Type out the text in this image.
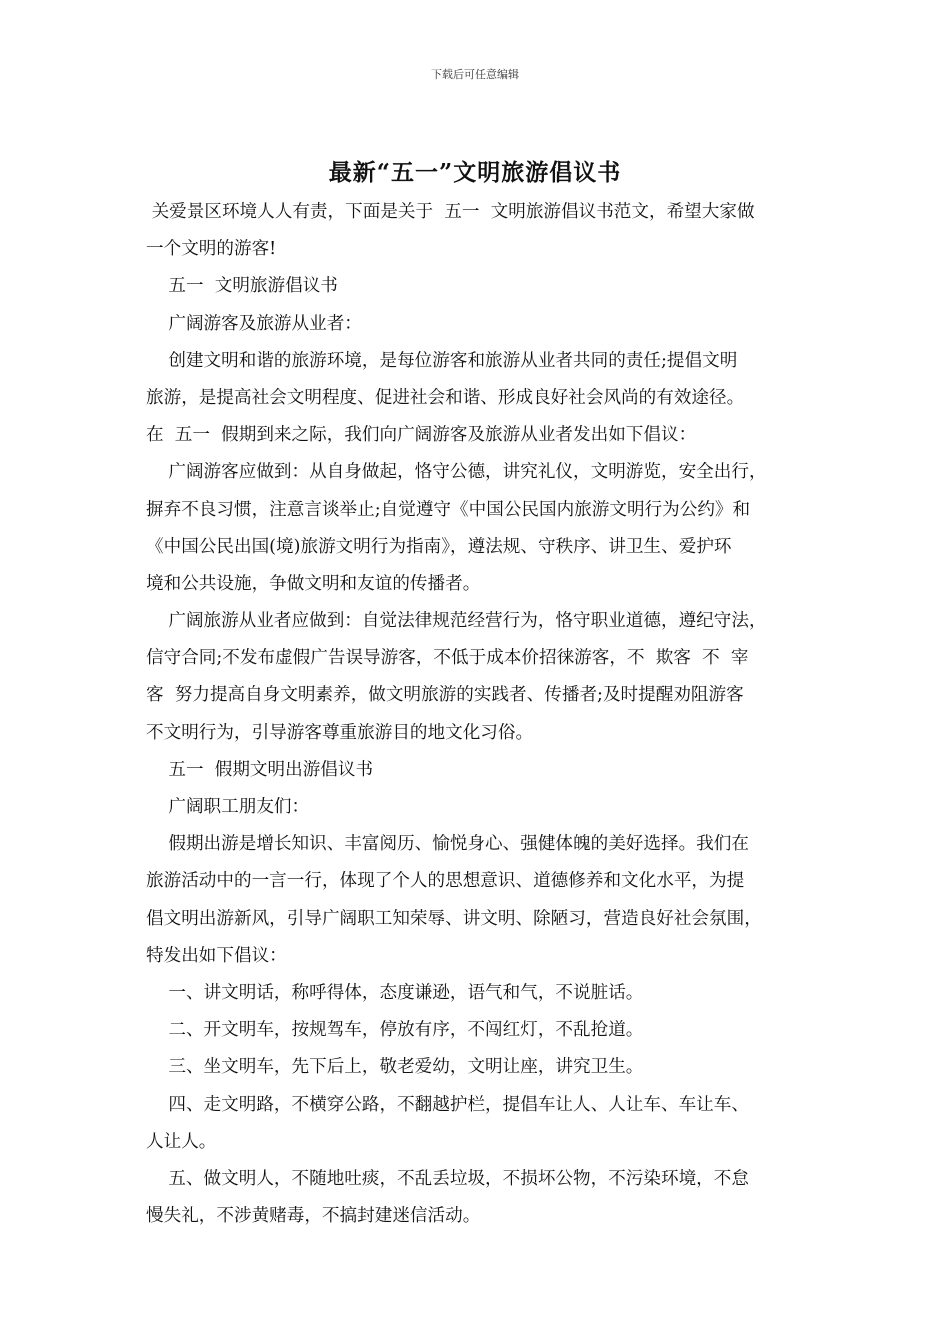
下载后可任意编辑
最新“五一”文明旅游倡议书
关爱景区环境人人有责，下面是关于  五一  文明旅游倡议书范文，希望大家做
一个文明的游客!
五一  文明旅游倡议书
广阔游客及旅游从业者：
创建文明和谐的旅游环境，是每位游客和旅游从业者共同的责任;提倡文明
旅游，是提高社会文明程度、促进社会和谐、形成良好社会风尚的有效途径。
在  五一  假期到来之际，我们向广阔游客及旅游从业者发出如下倡议：
广阔游客应做到：从自身做起，恪守公德，讲究礼仪，文明游览，安全出行，
摒弃不良习惯，注意言谈举止;自觉遵守《中国公民国内旅游文明行为公约》和
《中国公民出国(境)旅游文明行为指南》，遵法规、守秩序、讲卫生、爱护环
境和公共设施，争做文明和友谊的传播者。
广阔旅游从业者应做到：自觉法律规范经营行为，恪守职业道德，遵纪守法，
信守合同;不发布虚假广告误导游客，不低于成本价招徕游客，不  欺客  不  宰
客  努力提高自身文明素养，做文明旅游的实践者、传播者;及时提醒劝阻游客
不文明行为，引导游客尊重旅游目的地文化习俗。
五一  假期文明出游倡议书
广阔职工朋友们：
假期出游是增长知识、丰富阅历、愉悦身心、强健体魄的美好选择。我们在
旅游活动中的一言一行，体现了个人的思想意识、道德修养和文化水平，为提
倡文明出游新风，引导广阔职工知荣辱、讲文明、除陋习，营造良好社会氛围，
特发出如下倡议：
一、讲文明话，称呼得体，态度谦逊，语气和气，不说脏话。
二、开文明车，按规驾车，停放有序，不闯红灯，不乱抢道。
三、坐文明车，先下后上，敬老爱幼，文明让座，讲究卫生。
四、走文明路，不横穿公路，不翻越护栏，提倡车让人、人让车、车让车、
人让人。
五、做文明人，不随地吐痰，不乱丢垃圾，不损坏公物，不污染环境，不怠
慢失礼，不涉黄赌毒，不搞封建迷信活动。
